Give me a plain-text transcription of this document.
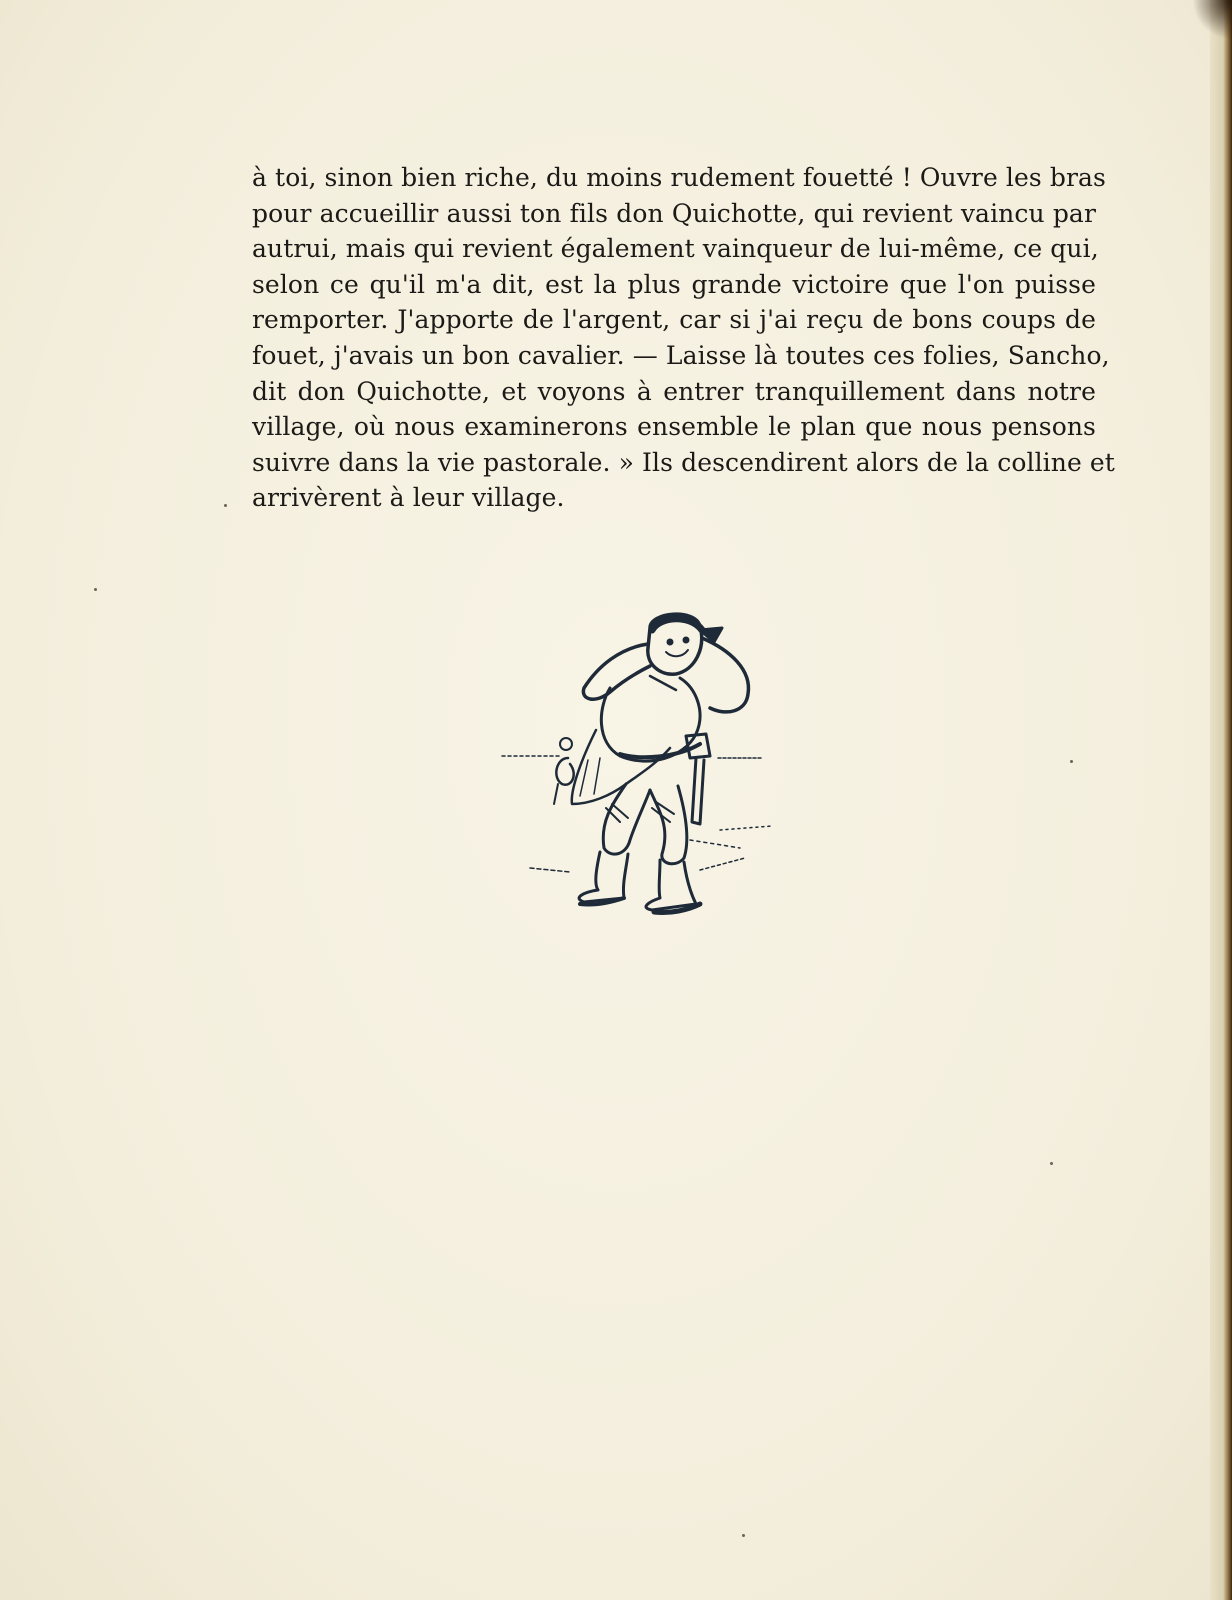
à toi, sinon bien riche, du moins rudement fouetté ! Ouvre les bras
pour accueillir aussi ton fils don Quichotte, qui revient vaincu par
autrui, mais qui revient également vainqueur de lui-même, ce qui,
selon ce qu'il m'a dit, est la plus grande victoire que l'on puisse
remporter. J'apporte de l'argent, car si j'ai reçu de bons coups de
fouet, j'avais un bon cavalier. — Laisse là toutes ces folies, Sancho,
dit don Quichotte, et voyons à entrer tranquillement dans notre
village, où nous examinerons ensemble le plan que nous pensons
suivre dans la vie pastorale. » Ils descendirent alors de la colline et
arrivèrent à leur village.
